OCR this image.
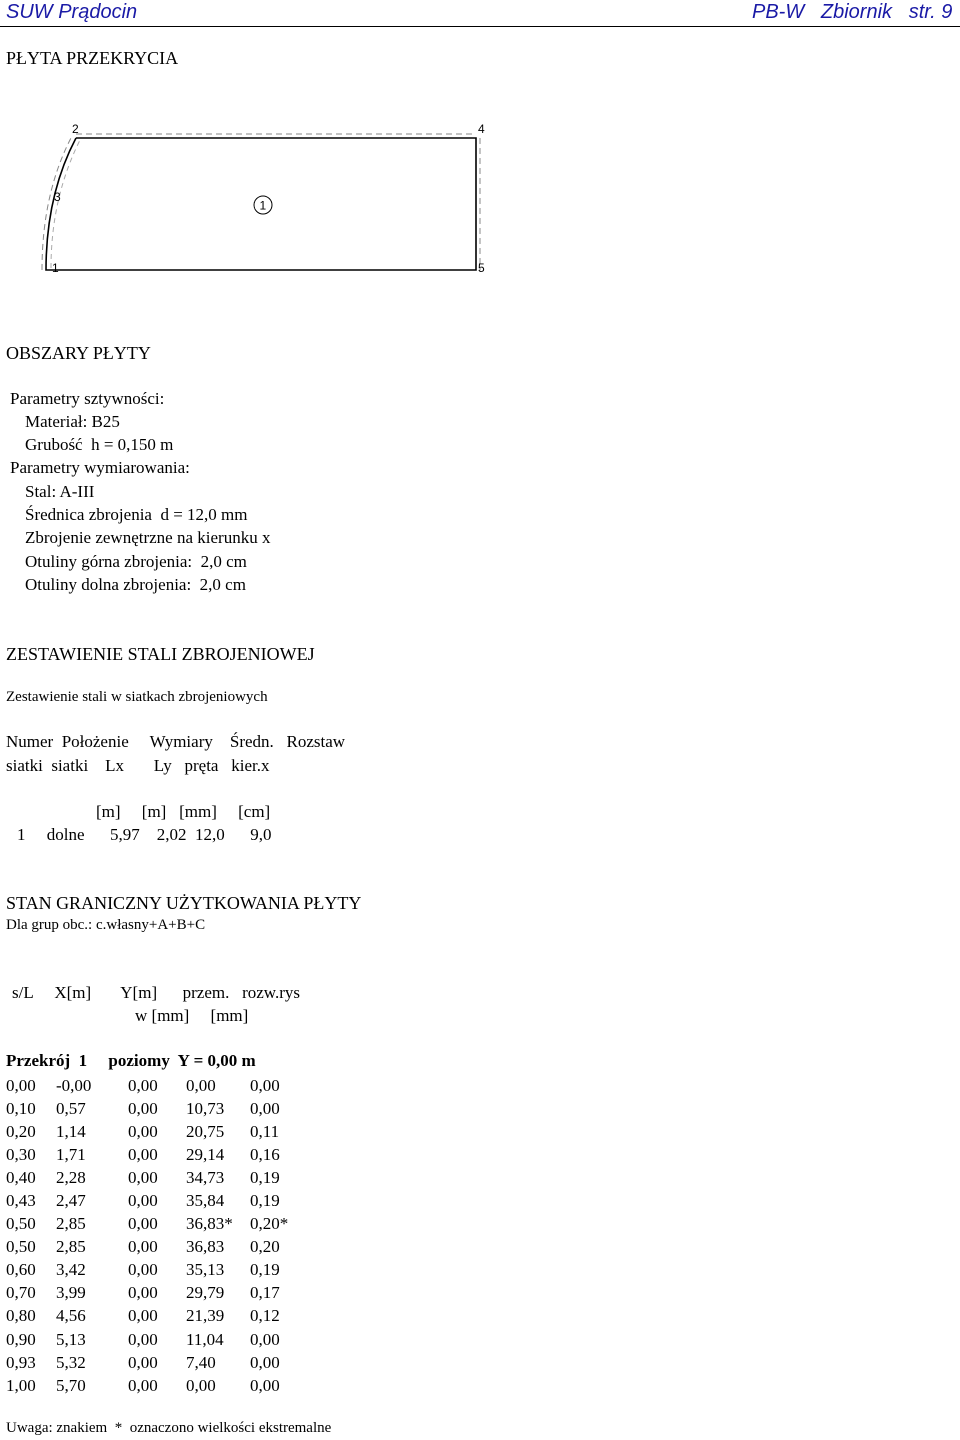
SUW Prądocin	PB-W   Zbiornik   str. 9
PŁYTA PRZEKRYCIA
2	4
3
1	5
1
OBSZARY PŁYTY
Parametry sztywności:
Materiał: B25
Grubość  h = 0,150 m
Parametry wymiarowania:
Stal: A-III
Średnica zbrojenia  d = 12,0 mm
Zbrojenie zewnętrzne na kierunku x
Otuliny górna zbrojenia:  2,0 cm
Otuliny dolna zbrojenia:  2,0 cm
ZESTAWIENIE STALI ZBROJENIOWEJ
Zestawienie stali w siatkach zbrojeniowych
Numer  Położenie     Wymiary    Średn.   Rozstaw
siatki  siatki    Lx       Ly   pręta   kier.x
[m]     [m]   [mm]     [cm]
1     dolne      5,97    2,02  12,0      9,0
STAN GRANICZNY UŻYTKOWANIA PŁYTY
Dla grup obc.: c.własny+A+B+C
s/L     X[m]       Y[m]      przem.   rozw.rys
w [mm]     [mm]
Przekrój  1     poziomy  Y = 0,00 m
0,00	-0,00	0,00	0,00	0,00
0,10	0,57	0,00	10,73	0,00
0,20	1,14	0,00	20,75	0,11
0,30	1,71	0,00	29,14	0,16
0,40	2,28	0,00	34,73	0,19
0,43	2,47	0,00	35,84	0,19
0,50	2,85	0,00	36,83*	0,20*
0,50	2,85	0,00	36,83	0,20
0,60	3,42	0,00	35,13	0,19
0,70	3,99	0,00	29,79	0,17
0,80	4,56	0,00	21,39	0,12
0,90	5,13	0,00	11,04	0,00
0,93	5,32	0,00	7,40	0,00
1,00	5,70	0,00	0,00	0,00
Uwaga: znakiem  *  oznaczono wielkości ekstremalne
